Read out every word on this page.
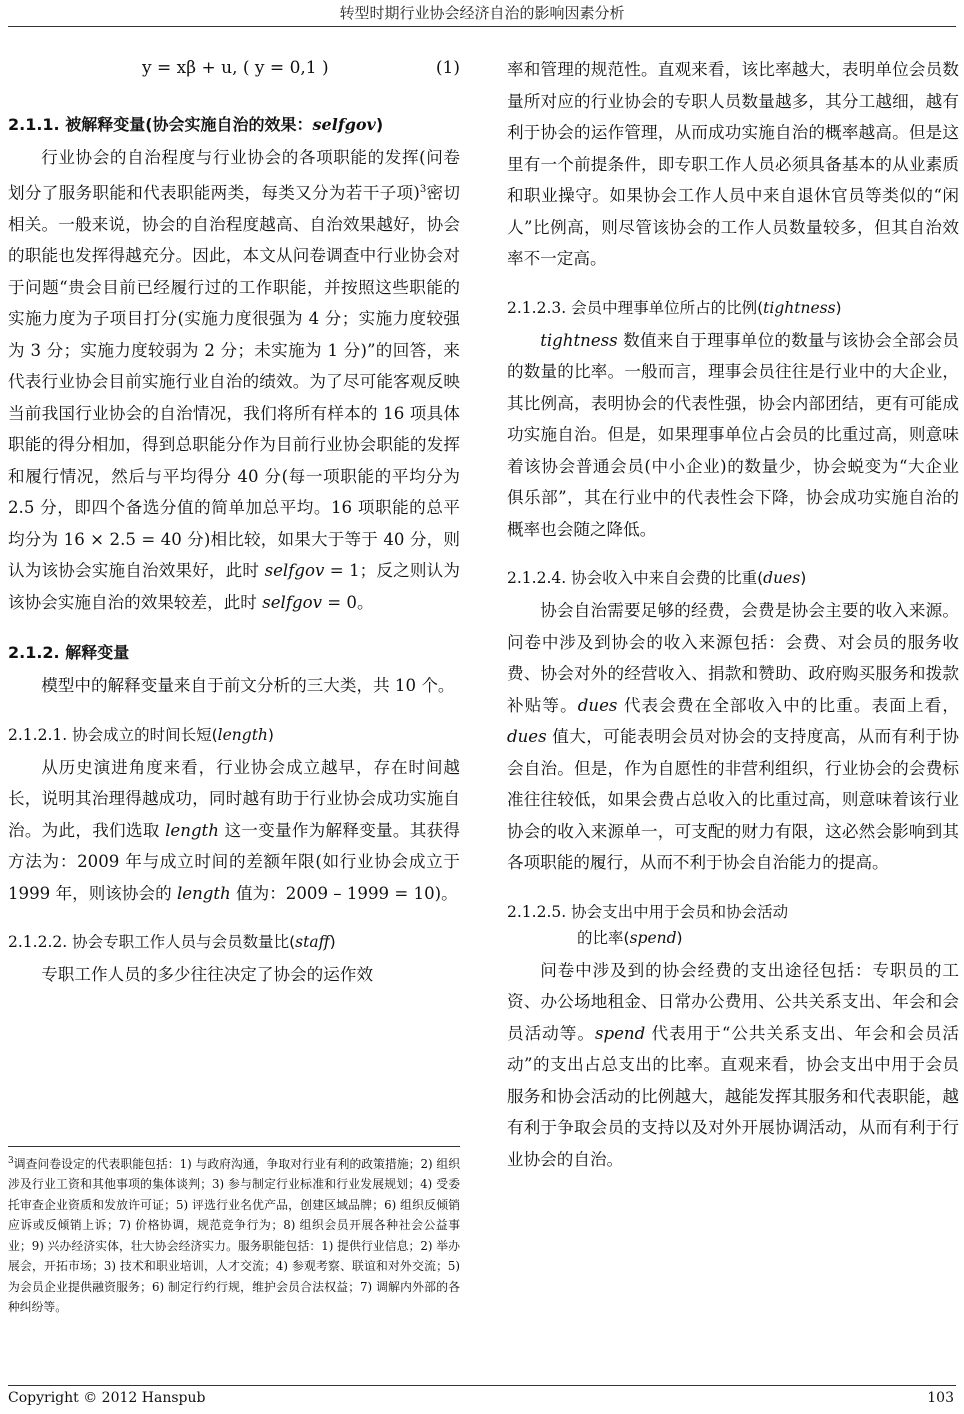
转型时期行业协会经济自治的影响因素分析
y = xβ + u, ( y = 0,1 )	(1)
2.1.1. 被解释变量(协会实施自治的效果：selfgov)

行业协会的自治程度与行业协会的各项职能的发挥(问卷划分了服务职能和代表职能两类，每类又分为若干子项)$^3$密切相关。一般来说，协会的自治程度越高、自治效果越好，协会的职能也发挥得越充分。因此，本文从问卷调查中行业协会对于问题“贵会目前已经履行过的工作职能，并按照这些职能的实施力度为子项目打分(实施力度很强为 4 分；实施力度较强为 3 分；实施力度较弱为 2 分；未实施为 1 分)”的回答，来代表行业协会目前实施行业自治的绩效。为了尽可能客观反映当前我国行业协会的自治情况，我们将所有样本的 16 项具体职能的得分相加，得到总职能分作为目前行业协会职能的发挥和履行情况，然后与平均得分 40 分(每一项职能的平均分为 2.5 分，即四个备选分值的简单加总平均。16 项职能的总平均分为 16 × 2.5 = 40 分)相比较，如果大于等于 40 分，则认为该协会实施自治效果好，此时 selfgov = 1；反之则认为该协会实施自治的效果较差，此时 selfgov = 0。

2.1.2. 解释变量

模型中的解释变量来自于前文分析的三大类，共 10 个。

2.1.2.1. 协会成立的时间长短(length)

从历史演进角度来看，行业协会成立越早，存在时间越长，说明其治理得越成功，同时越有助于行业协会成功实施自治。为此，我们选取 length 这一变量作为解释变量。其获得方法为：2009 年与成立时间的差额年限(如行业协会成立于 1999 年，则该协会的 length 值为：2009 – 1999 = 10)。

2.1.2.2. 协会专职工作人员与会员数量比(staff)

专职工作人员的多少往往决定了协会的运作效

$^3$调查问卷设定的代表职能包括：1) 与政府沟通，争取对行业有利的政策措施；2) 组织涉及行业工资和其他事项的集体谈判；3) 参与制定行业标准和行业发展规划；4) 受委托审查企业资质和发放许可证；5) 评选行业名优产品，创建区域品牌；6) 组织反倾销应诉或反倾销上诉；7) 价格协调，规范竞争行为；8) 组织会员开展各种社会公益事业；9) 兴办经济实体，壮大协会经济实力。服务职能包括：1) 提供行业信息；2) 举办展会，开拓市场；3) 技术和职业培训，人才交流；4) 参观考察、联谊和对外交流；5) 为会员企业提供融资服务；6) 制定行约行规，维护会员合法权益；7) 调解内外部的各种纠纷等。

率和管理的规范性。直观来看，该比率越大，表明单位会员数量所对应的行业协会的专职人员数量越多，其分工越细，越有利于协会的运作管理，从而成功实施自治的概率越高。但是这里有一个前提条件，即专职工作人员必须具备基本的从业素质和职业操守。如果协会工作人员中来自退休官员等类似的“闲人”比例高，则尽管该协会的工作人员数量较多，但其自治效率不一定高。

2.1.2.3. 会员中理事单位所占的比例(tightness)

tightness 数值来自于理事单位的数量与该协会全部会员的数量的比率。一般而言，理事会员往往是行业中的大企业，其比例高，表明协会的代表性强，协会内部团结，更有可能成功实施自治。但是，如果理事单位占会员的比重过高，则意味着该协会普通会员(中小企业)的数量少，协会蜕变为“大企业俱乐部”，其在行业中的代表性会下降，协会成功实施自治的概率也会随之降低。

2.1.2.4. 协会收入中来自会费的比重(dues)

协会自治需要足够的经费，会费是协会主要的收入来源。问卷中涉及到协会的收入来源包括：会费、对会员的服务收费、协会对外的经营收入、捐款和赞助、政府购买服务和拨款补贴等。dues 代表会费在全部收入中的比重。表面上看，dues 值大，可能表明会员对协会的支持度高，从而有利于协会自治。但是，作为自愿性的非营利组织，行业协会的会费标准往往较低，如果会费占总收入的比重过高，则意味着该行业协会的收入来源单一，可支配的财力有限，这必然会影响到其各项职能的履行，从而不利于协会自治能力的提高。

2.1.2.5. 协会支出中用于会员和协会活动
的比率(spend)

问卷中涉及到的协会经费的支出途径包括：专职员的工资、办公场地租金、日常办公费用、公共关系支出、年会和会员活动等。spend 代表用于“公共关系支出、年会和会员活动”的支出占总支出的比率。直观来看，协会支出中用于会员服务和协会活动的比例越大，越能发挥其服务和代表职能，越有利于争取会员的支持以及对外开展协调活动，从而有利于行业协会的自治。

Copyright © 2012 Hanspub	103
